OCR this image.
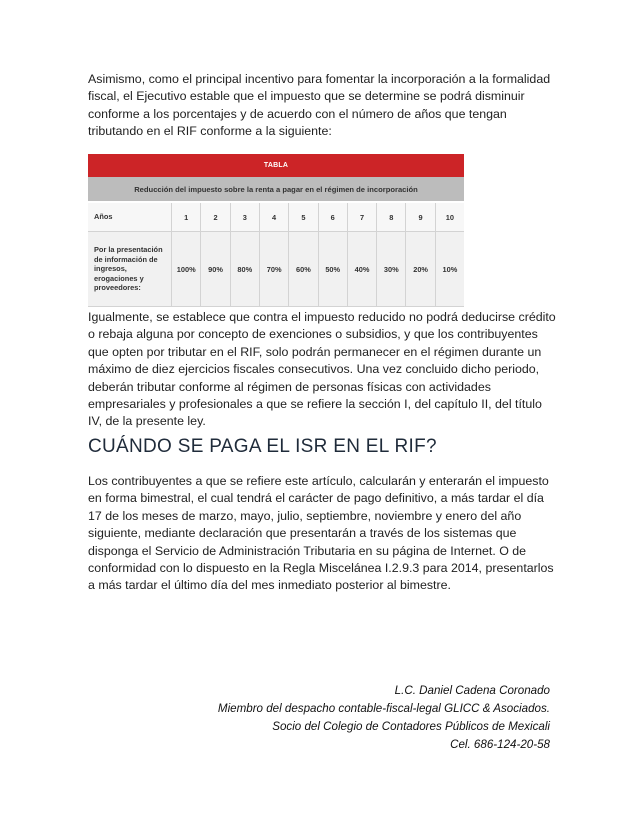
Asimismo, como el principal incentivo para fomentar la incorporación a la formalidad fiscal, el Ejecutivo estable que el impuesto que se determine se podrá disminuir conforme a los porcentajes y de acuerdo con el número de años que tengan tributando en el RIF conforme a la siguiente:

TABLA
Reducción del impuesto sobre la renta a pagar en el régimen de incorporación
Años	1	2	3	4	5	6	7	8	9	10
Por la presentación de información de ingresos, erogaciones y proveedores:
100%	90%	80%	70%	60%	50%	40%	30%	20%	10%

Igualmente, se establece que contra el impuesto reducido no podrá deducirse crédito o rebaja alguna por concepto de exenciones o subsidios, y que los contribuyentes que opten por tributar en el RIF, solo podrán permanecer en el régimen durante un máximo de diez ejercicios fiscales consecutivos. Una vez concluido dicho periodo, deberán tributar conforme al régimen de personas físicas con actividades empresariales y profesionales a que se refiere la sección I, del capítulo II, del título IV, de la presente ley.

CUÁNDO SE PAGA EL ISR EN EL RIF?

Los contribuyentes a que se refiere este artículo, calcularán y enterarán el impuesto en forma bimestral, el cual tendrá el carácter de pago definitivo, a más tardar el día 17 de los meses de marzo, mayo, julio, septiembre, noviembre y enero del año siguiente, mediante declaración que presentarán a través de los sistemas que disponga el Servicio de Administración Tributaria en su página de Internet. O de conformidad con lo dispuesto en la Regla Miscelánea I.2.9.3 para 2014, presentarlos a más tardar el último día del mes inmediato posterior al bimestre.

L.C. Daniel Cadena Coronado

Miembro del despacho contable-fiscal-legal GLICC & Asociados.

Socio del Colegio de Contadores Públicos de Mexicali

Cel. 686-124-20-58
